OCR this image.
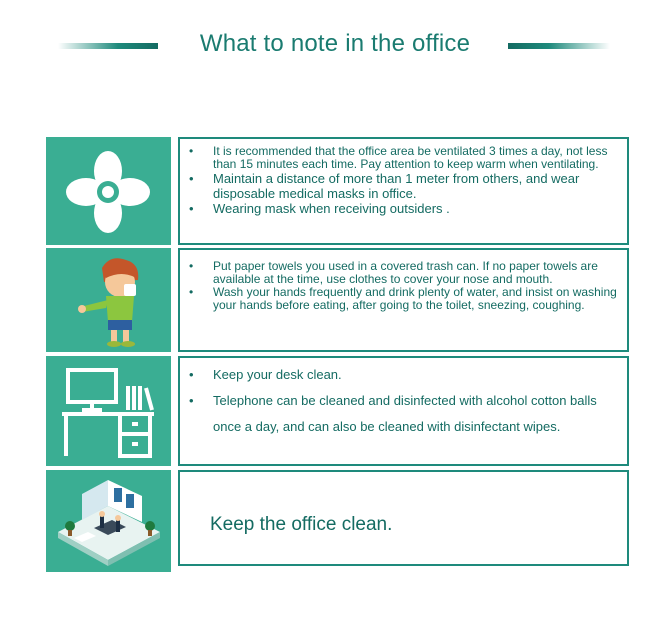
What to note in the office
• It is recommended that the office area be ventilated 3 times a day, not less than 15 minutes each time. Pay attention to keep warm when ventilating.
• Maintain a distance of more than 1 meter from others, and wear disposable medical masks in office.
• Wearing mask when receiving outsiders .
• Put paper towels you used in a covered trash can. If no paper towels are available at the time, use clothes to cover your nose and mouth.
• Wash your hands frequently and drink plenty of water, and insist on washing your hands before eating, after going to the toilet, sneezing, coughing.
• Keep your desk clean.
• Telephone can be cleaned and disinfected with alcohol cotton balls once a day, and can also be cleaned with disinfectant wipes.
Keep the office clean.
